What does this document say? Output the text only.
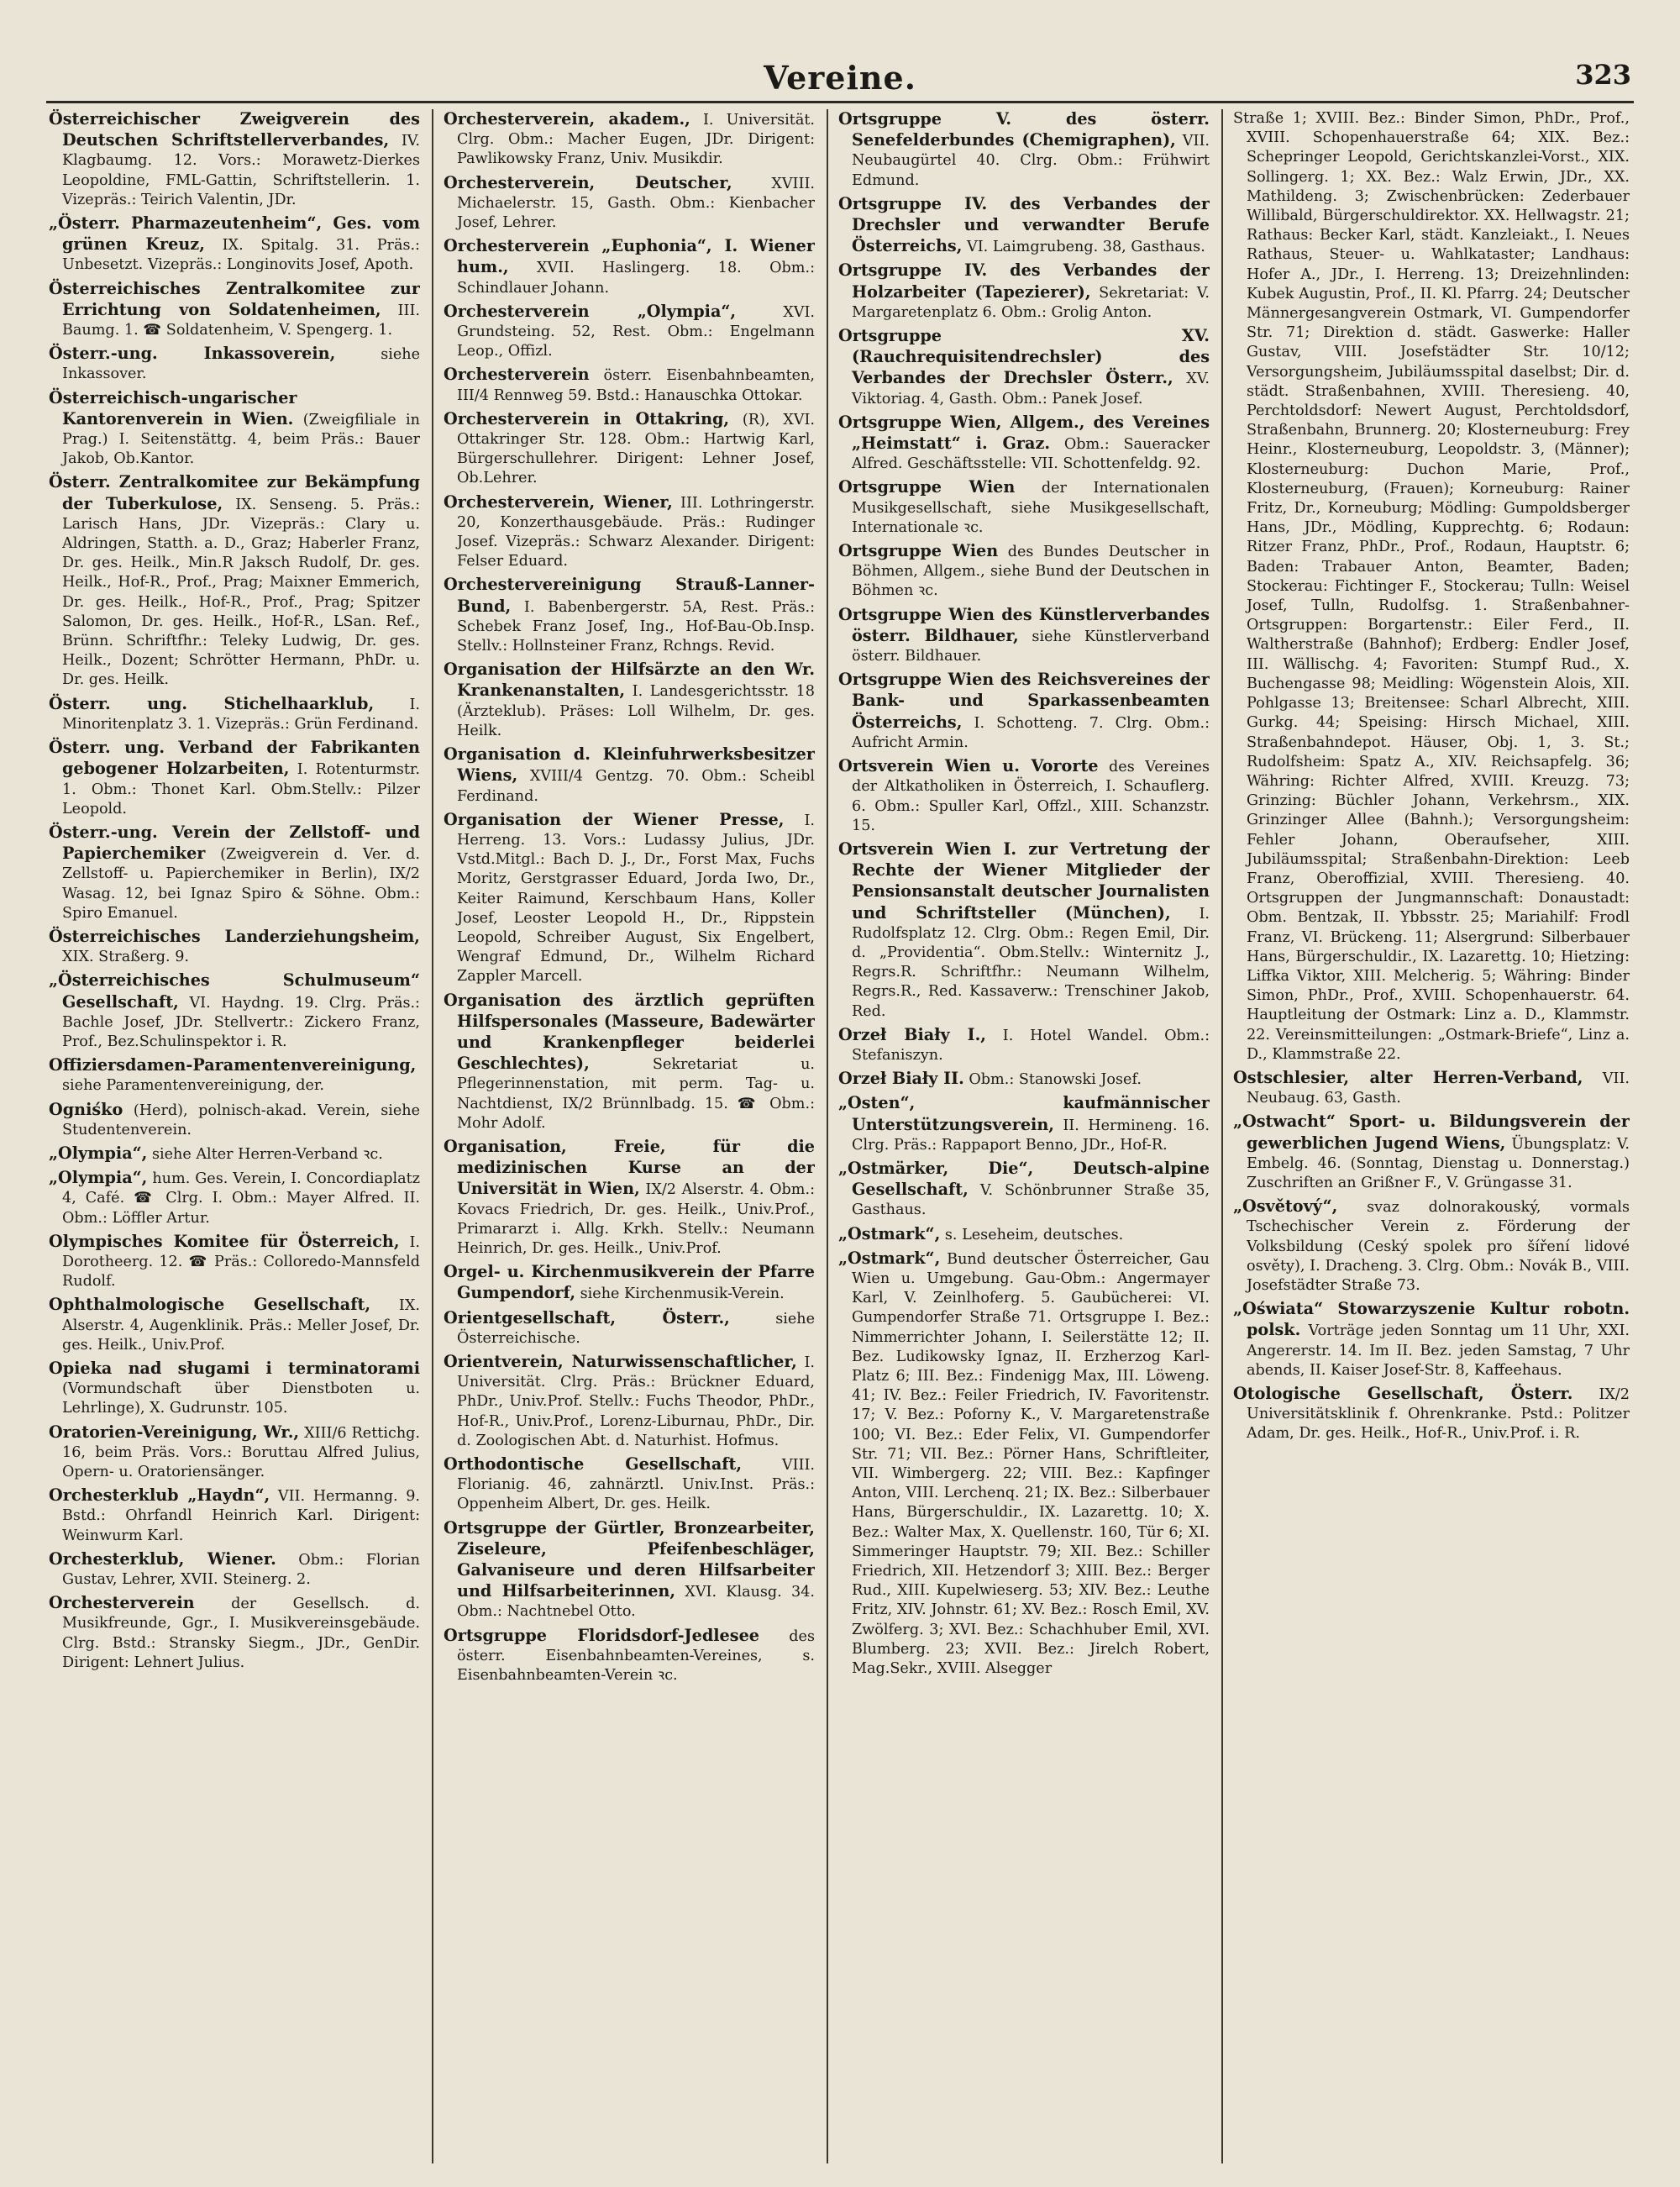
Vereine.	323

Österreichischer Zweigverein des Deutschen Schriftstellerverbandes, IV. Klagbaumg. 12. Vors.: Morawetz-Dierkes Leopoldine, FML-Gattin, Schriftstellerin. 1. Vizepräs.: Teirich Valentin, JDr.

„Österr. Pharmazeutenheim“, Ges. vom grünen Kreuz, IX. Spitalg. 31. Präs.: Unbesetzt. Vizepräs.: Longinovits Josef, Apoth.

Österreichisches Zentralkomitee zur Errichtung von Soldatenheimen, III. Baumg. 1. ☎ Soldatenheim, V. Spengerg. 1.

Österr.-ung. Inkassoverein,	siehe Inkassover.

Österreichisch-ungarischer Kantorenverein in Wien. (Zweigfiliale in Prag.) I. Seitenstättg. 4, beim Präs.: Bauer Jakob, Ob.Kantor.

Österr. Zentralkomitee zur Bekämpfung der Tuberkulose, IX. Senseng. 5. Präs.: Larisch Hans, JDr. Vizepräs.: Clary u. Aldringen, Statth. a. D., Graz; Haberler Franz, Dr. ges. Heilk., Min.R Jaksch Rudolf, Dr. ges. Heilk., Hof-R., Prof., Prag; Maixner Emmerich, Dr. ges. Heilk., Hof-R., Prof., Prag; Spitzer Salomon, Dr. ges. Heilk., Hof-R., LSan. Ref., Brünn. Schriftfhr.: Teleky Ludwig, Dr. ges. Heilk., Dozent; Schrötter Hermann, PhDr. u. Dr. ges. Heilk.

Österr. ung. Stichelhaarklub, I. Minoritenplatz 3. 1. Vizepräs.: Grün Ferdinand.

Österr. ung. Verband der Fabrikanten gebogener Holzarbeiten, I. Rotenturmstr. 1. Obm.: Thonet Karl. Obm.Stellv.: Pilzer Leopold.

Österr.-ung. Verein der Zellstoff- und Papierchemiker (Zweigverein d. Ver. d. Zellstoff- u. Papierchemiker in Berlin), IX/2 Wasag. 12, bei Ignaz Spiro & Söhne. Obm.: Spiro Emanuel.

Österreichisches Landerziehungsheim, XIX. Straßerg. 9.

„Österreichisches Schulmuseum“ Gesellschaft, VI. Haydng. 19. Clrg. Präs.: Bachle Josef, JDr. Stellvertr.: Zickero Franz, Prof., Bez.Schulinspektor i. R.

Offiziersdamen-Paramentenvereinigung, siehe Paramentenvereinigung, der.

Ogniśko (Herd), polnisch-akad. Verein, siehe Studentenverein.

„Olympia“, siehe Alter Herren-Verband ꝛc.

„Olympia“, hum. Ges. Verein, I. Concordiaplatz 4, Café. ☎ Clrg. I. Obm.: Mayer Alfred. II. Obm.: Löffler Artur.

Olympisches Komitee für Österreich, I. Dorotheerg. 12. ☎ Präs.: Colloredo-Mannsfeld Rudolf.

Ophthalmologische Gesellschaft, IX. Alserstr. 4, Augenklinik. Präs.: Meller Josef, Dr. ges. Heilk., Univ.Prof.

Opieka nad sługami i terminatorami (Vormundschaft über Dienstboten u. Lehrlinge), X. Gudrunstr. 105.

Oratorien-Vereinigung, Wr., XIII/6 Rettichg. 16, beim Präs. Vors.: Boruttau Alfred Julius, Opern- u. Oratoriensänger.

Orchesterklub „Haydn“, VII. Hermanng. 9. Bstd.: Ohrfandl Heinrich Karl. Dirigent: Weinwurm Karl.

Orchesterklub, Wiener. Obm.: Florian Gustav, Lehrer, XVII. Steinerg. 2.

Orchesterverein der Gesellsch. d. Musikfreunde, Ggr., I. Musikvereinsgebäude. Clrg. Bstd.: Stransky Siegm., JDr., GenDir. Dirigent: Lehnert Julius.

Orchesterverein, akadem., I. Universität. Clrg. Obm.: Macher Eugen, JDr. Dirigent: Pawlikowsky Franz, Univ. Musikdir.

Orchesterverein, Deutscher,	XVIII. Michaelerstr. 15, Gasth. Obm.: Kienbacher Josef, Lehrer.

Orchesterverein „Euphonia“, I. Wiener hum., XVII. Haslingerg. 18. Obm.: Schindlauer Johann.

Orchesterverein „Olympia“,	XVI. Grundsteing. 52, Rest. Obm.: Engelmann Leop., Offizl.

Orchesterverein österr. Eisenbahnbeamten, III/4 Rennweg 59. Bstd.: Hanauschka Ottokar.

Orchesterverein in Ottakring, (R), XVI. Ottakringer Str. 128. Obm.: Hartwig Karl, Bürgerschullehrer. Dirigent: Lehner Josef, Ob.Lehrer.

Orchesterverein, Wiener, III. Lothringerstr. 20, Konzerthausgebäude. Präs.: Rudinger Josef. Vizepräs.: Schwarz Alexander. Dirigent: Felser Eduard.

Orchestervereinigung Strauß-Lanner-Bund, I. Babenbergerstr. 5A, Rest. Präs.: Schebek Franz Josef, Ing., Hof-Bau-Ob.Insp. Stellv.: Hollnsteiner Franz, Rchngs. Revid.

Organisation der Hilfsärzte an den Wr. Krankenanstalten, I. Landesgerichtsstr. 18 (Ärzteklub). Präses: Loll Wilhelm, Dr. ges. Heilk.

Organisation d. Kleinfuhrwerksbesitzer Wiens, XVIII/4 Gentzg. 70. Obm.: Scheibl Ferdinand.

Organisation der Wiener Presse, I. Herreng. 13. Vors.: Ludassy Julius, JDr. Vstd.Mitgl.: Bach D. J., Dr., Forst Max, Fuchs Moritz, Gerstgrasser Eduard, Jorda Iwo, Dr., Keiter Raimund, Kerschbaum Hans, Koller Josef, Leoster Leopold H., Dr., Rippstein Leopold, Schreiber August, Six Engelbert, Wengraf Edmund, Dr., Wilhelm Richard Zappler Marcell.

Organisation des ärztlich geprüften Hilfspersonales (Masseure, Badewärter und Krankenpfleger beiderlei Geschlechtes),	Sekretariat u. Pflegerinnenstation, mit perm. Tag- u. Nachtdienst, IX/2 Brünnlbadg. 15. ☎ Obm.: Mohr Adolf.

Organisation, Freie, für die medizinischen Kurse an der Universität in Wien, IX/2 Alserstr. 4. Obm.: Kovacs Friedrich, Dr. ges. Heilk., Univ.Prof., Primararzt i. Allg. Krkh. Stellv.: Neumann Heinrich, Dr. ges. Heilk., Univ.Prof.

Orgel- u. Kirchenmusikverein der Pfarre Gumpendorf, siehe Kirchenmusik-Verein.

Orientgesellschaft, Österr.,	siehe Österreichische.

Orientverein, Naturwissenschaftlicher, I. Universität. Clrg. Präs.: Brückner Eduard, PhDr., Univ.Prof. Stellv.: Fuchs Theodor, PhDr., Hof-R., Univ.Prof., Lorenz-Liburnau, PhDr., Dir. d. Zoologischen Abt. d. Naturhist. Hofmus.

Orthodontische Gesellschaft,	VIII. Florianig. 46, zahnärztl. Univ.Inst. Präs.: Oppenheim Albert, Dr. ges. Heilk.

Ortsgruppe der Gürtler, Bronzearbeiter, Ziseleure, Pfeifenbeschläger, Galvaniseure und deren Hilfsarbeiter und Hilfsarbeiterinnen, XVI. Klausg. 34. Obm.: Nachtnebel Otto.

Ortsgruppe Floridsdorf-Jedlesee des österr. Eisenbahnbeamten-Vereines, s. Eisenbahnbeamten-Verein ꝛc.

Ortsgruppe V. des österr. Senefelderbundes (Chemigraphen), VII. Neubaugürtel 40. Clrg. Obm.: Frühwirt Edmund.

Ortsgruppe IV. des Verbandes der Drechsler und verwandter Berufe Österreichs, VI. Laimgrubeng. 38, Gasthaus.

Ortsgruppe IV. des Verbandes der Holzarbeiter (Tapezierer), Sekretariat: V. Margaretenplatz 6. Obm.: Grolig Anton.

Ortsgruppe XV. (Rauchrequisitendrechsler) des Verbandes der Drechsler Österr., XV. Viktoriag. 4, Gasth. Obm.: Panek Josef.

Ortsgruppe Wien, Allgem., des Vereines „Heimstatt“ i. Graz. Obm.: Saueracker Alfred. Geschäftsstelle: VII. Schottenfeldg. 92.

Ortsgruppe Wien der Internationalen Musikgesellschaft, siehe Musikgesellschaft, Internationale ꝛc.

Ortsgruppe Wien des Bundes Deutscher in Böhmen, Allgem., siehe Bund der Deutschen in Böhmen ꝛc.

Ortsgruppe Wien des Künstlerverbandes österr. Bildhauer, siehe Künstlerverband österr. Bildhauer.

Ortsgruppe Wien des Reichsvereines der Bank- und Sparkassenbeamten Österreichs, I. Schotteng. 7. Clrg. Obm.: Aufricht Armin.

Ortsverein Wien u. Vororte des Vereines der Altkatholiken in Österreich, I. Schauflerg. 6. Obm.: Spuller Karl, Offzl., XIII. Schanzstr. 15.

Ortsverein Wien I. zur Vertretung der Rechte der Wiener Mitglieder der Pensionsanstalt deutscher Journalisten und Schriftsteller (München), I. Rudolfsplatz 12. Clrg. Obm.: Regen Emil, Dir. d. „Providentia“. Obm.Stellv.: Winternitz J., Regrs.R. Schriftfhr.: Neumann Wilhelm, Regrs.R., Red. Kassaverw.: Trenschiner Jakob, Red.

Orzeł Biały I., I. Hotel Wandel. Obm.: Stefaniszyn.

Orzeł Biały II. Obm.: Stanowski Josef.

„Osten“, kaufmännischer Unterstützungsverein, II. Hermineng. 16. Clrg. Präs.: Rappaport Benno, JDr., Hof-R.

„Ostmärker, Die“, Deutsch-alpine Gesellschaft, V. Schönbrunner Straße 35, Gasthaus.

„Ostmark“, s. Leseheim, deutsches.

„Ostmark“, Bund deutscher Österreicher, Gau Wien u. Umgebung. Gau-Obm.: Angermayer Karl, V. Zeinlhoferg. 5. Gaubücherei: VI. Gumpendorfer Straße 71. Ortsgruppe I. Bez.: Nimmerrichter Johann, I. Seilerstätte 12; II. Bez. Ludikowsky Ignaz, II. Erzherzog Karl-Platz 6; III. Bez.: Findenigg Max, III. Löweng. 41; IV. Bez.: Feiler Friedrich, IV. Favoritenstr. 17; V. Bez.: Poforny K., V. Margaretenstraße 100; VI. Bez.: Eder Felix, VI. Gumpendorfer Str. 71; VII. Bez.: Pörner Hans, Schriftleiter, VII. Wimbergerg. 22; VIII. Bez.: Kapfinger Anton, VIII. Lerchenq. 21; IX. Bez.: Silberbauer Hans, Bürgerschuldir., IX. Lazarettg. 10; X. Bez.: Walter Max, X. Quellenstr. 160, Tür 6; XI. Simmeringer Hauptstr. 79; XII. Bez.: Schiller Friedrich, XII. Hetzendorf 3; XIII. Bez.: Berger Rud., XIII. Kupelwieserg. 53; XIV. Bez.: Leuthe Fritz, XIV. Johnstr. 61; XV. Bez.: Rosch Emil, XV. Zwölferg. 3; XVI. Bez.: Schachhuber Emil, XVI. Blumberg. 23; XVII. Bez.: Jirelch Robert, Mag.Sekr., XVIII. Alsegger

Straße 1; XVIII. Bez.: Binder Simon, PhDr., Prof., XVIII. Schopenhauerstraße 64; XIX. Bez.: Schepringer Leopold, Gerichtskanzlei-Vorst., XIX. Sollingerg. 1; XX. Bez.: Walz Erwin, JDr., XX. Mathildeng. 3; Zwischenbrücken: Zederbauer Willibald, Bürgerschuldirektor. XX. Hellwagstr. 21; Rathaus: Becker Karl, städt. Kanzleiakt., I. Neues Rathaus, Steuer- u. Wahlkataster; Landhaus: Hofer A., JDr., I. Herreng. 13; Dreizehnlinden: Kubek Augustin, Prof., II. Kl. Pfarrg. 24; Deutscher Männergesangverein Ostmark, VI. Gumpendorfer Str. 71; Direktion d. städt. Gaswerke: Haller Gustav, VIII. Josefstädter Str. 10/12; Versorgungsheim, Jubiläumsspital daselbst; Dir. d. städt. Straßenbahnen, XVIII. Theresieng. 40, Perchtoldsdorf: Newert August, Perchtoldsdorf, Straßenbahn, Brunnerg. 20; Klosterneuburg: Frey Heinr., Klosterneuburg, Leopoldstr. 3, (Männer); Klosterneuburg: Duchon Marie, Prof., Klosterneuburg, (Frauen); Korneuburg: Rainer Fritz, Dr., Korneuburg; Mödling: Gumpoldsberger Hans, JDr., Mödling, Kupprechtg. 6; Rodaun: Ritzer Franz, PhDr., Prof., Rodaun, Hauptstr. 6; Baden: Trabauer Anton, Beamter, Baden; Stockerau: Fichtinger F., Stockerau; Tulln: Weisel Josef, Tulln, Rudolfsg. 1. Straßenbahner-Ortsgruppen: Borgartenstr.: Eiler Ferd., II. Waltherstraße (Bahnhof); Erdberg: Endler Josef, III. Wällischg. 4; Favoriten: Stumpf Rud., X. Buchengasse 98; Meidling: Wögenstein Alois, XII. Pohlgasse 13; Breitensee: Scharl Albrecht, XIII. Gurkg. 44; Speising: Hirsch Michael, XIII. Straßenbahndepot. Häuser, Obj. 1, 3. St.; Rudolfsheim: Spatz A., XIV. Reichsapfelg. 36; Währing: Richter Alfred, XVIII. Kreuzg. 73; Grinzing: Büchler Johann, Verkehrsm., XIX. Grinzinger Allee (Bahnh.); Versorgungsheim: Fehler Johann, Oberaufseher, XIII. Jubiläumsspital; Straßenbahn-Direktion: Leeb Franz, Oberoffizial, XVIII. Theresieng. 40. Ortsgruppen der Jungmannschaft: Donaustadt: Obm. Bentzak, II. Ybbsstr. 25; Mariahilf: Frodl Franz, VI. Brückeng. 11; Alsergrund: Silberbauer Hans, Bürgerschuldir., IX. Lazarettg. 10; Hietzing: Liffka Viktor, XIII. Melcherig. 5; Währing: Binder Simon, PhDr., Prof., XVIII. Schopenhauerstr. 64. Hauptleitung der Ostmark: Linz a. D., Klammstr. 22. Vereinsmitteilungen: „Ostmark-Briefe“, Linz a. D., Klammstraße 22.

Ostschlesier, alter Herren-Verband, VII. Neubaug. 63, Gasth.

„Ostwacht“ Sport- u. Bildungsverein der gewerblichen Jugend Wiens, Übungsplatz: V. Embelg. 46. (Sonntag, Dienstag u. Donnerstag.) Zuschriften an Grißner F., V. Grüngasse 31.

„Osvětový“, svaz dolnorakouský, vormals Tschechischer Verein z. Förderung der Volksbildung (Ceský spolek pro šíření lidové osvěty), I. Dracheng. 3. Clrg. Obm.: Novák B., VIII. Josefstädter Straße 73.

„Oświata“ Stowarzyszenie Kultur robotn. polsk. Vorträge jeden Sonntag um 11 Uhr, XXI. Angererstr. 14. Im II. Bez. jeden Samstag, 7 Uhr abends, II. Kaiser Josef-Str. 8, Kaffeehaus.

Otologische Gesellschaft, Österr. IX/2 Universitätsklinik f. Ohrenkranke. Pstd.: Politzer Adam, Dr. ges. Heilk., Hof-R., Univ.Prof. i. R.
